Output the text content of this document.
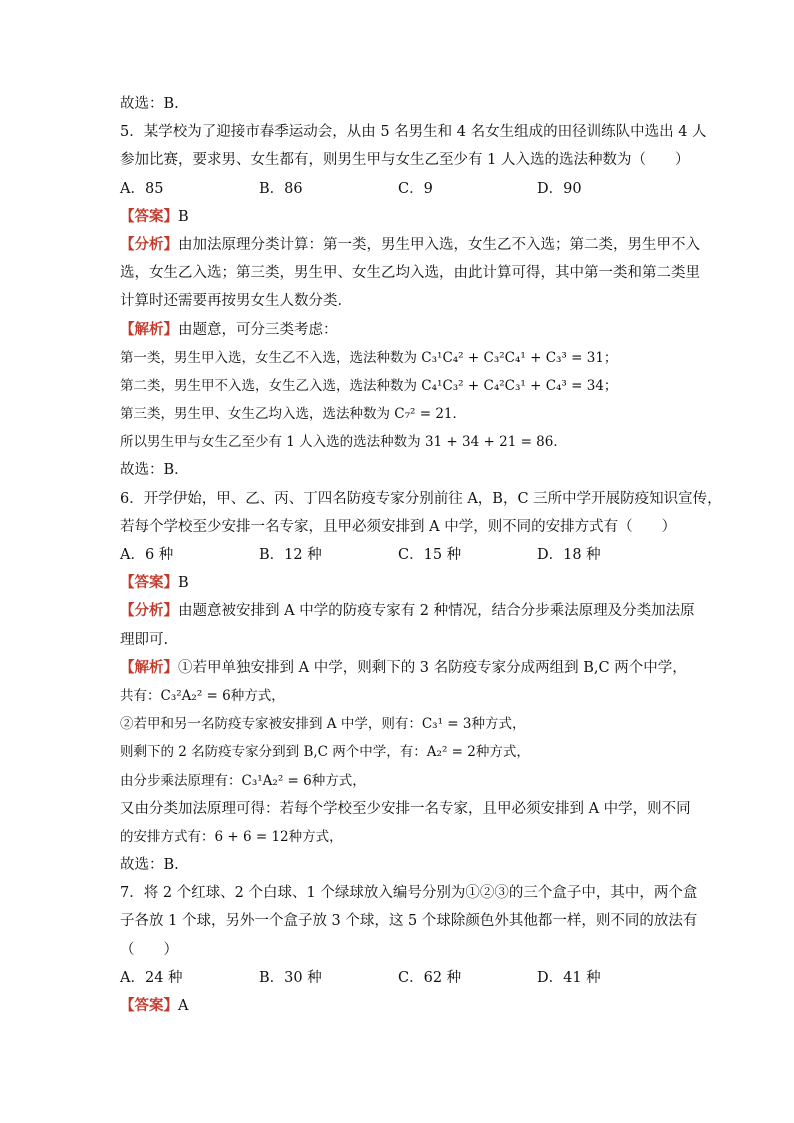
故选：B.
5．某学校为了迎接市春季运动会，从由 5 名男生和 4 名女生组成的田径训练队中选出 4 人
参加比赛，要求男、女生都有，则男生甲与女生乙至少有 1 人入选的选法种数为（　　）
A．85	B．86	C．9	D．90
【答案】B
【分析】由加法原理分类计算：第一类，男生甲入选，女生乙不入选；第二类，男生甲不入
选，女生乙入选；第三类，男生甲、女生乙均入选，由此计算可得，其中第一类和第二类里
计算时还需要再按男女生人数分类．
【解析】由题意，可分三类考虑：
第一类，男生甲入选，女生乙不入选，选法种数为 C₃¹C₄² + C₃²C₄¹ + C₃³ = 31；
第二类，男生甲不入选，女生乙入选，选法种数为 C₄¹C₃² + C₄²C₃¹ + C₄³ = 34；
第三类，男生甲、女生乙均入选，选法种数为 C₇² = 21．
所以男生甲与女生乙至少有 1 人入选的选法种数为 31 + 34 + 21 = 86．
故选：B．
6．开学伊始，甲、乙、丙、丁四名防疫专家分别前往 A，B，C 三所中学开展防疫知识宣传，
若每个学校至少安排一名专家，且甲必须安排到 A 中学，则不同的安排方式有（　　）
A．6 种	B．12 种	C．15 种	D．18 种
【答案】B
【分析】由题意被安排到 A 中学的防疫专家有 2 种情况，结合分步乘法原理及分类加法原
理即可.
【解析】①若甲单独安排到 A 中学，则剩下的 3 名防疫专家分成两组到 B,C 两个中学，
共有：C₃²A₂² = 6种方式，
②若甲和另一名防疫专家被安排到 A 中学，则有：C₃¹ = 3种方式，
则剩下的 2 名防疫专家分到到 B,C 两个中学，有：A₂² = 2种方式，
由分步乘法原理有：C₃¹A₂² = 6种方式，
又由分类加法原理可得：若每个学校至少安排一名专家，且甲必须安排到 A 中学，则不同
的安排方式有：6 + 6 = 12种方式，
故选：B.
7．将 2 个红球、2 个白球、1 个绿球放入编号分别为①②③的三个盒子中，其中，两个盒
子各放 1 个球，另外一个盒子放 3 个球，这 5 个球除颜色外其他都一样，则不同的放法有
（　　）
A．24 种	B．30 种	C．62 种	D．41 种
【答案】A
